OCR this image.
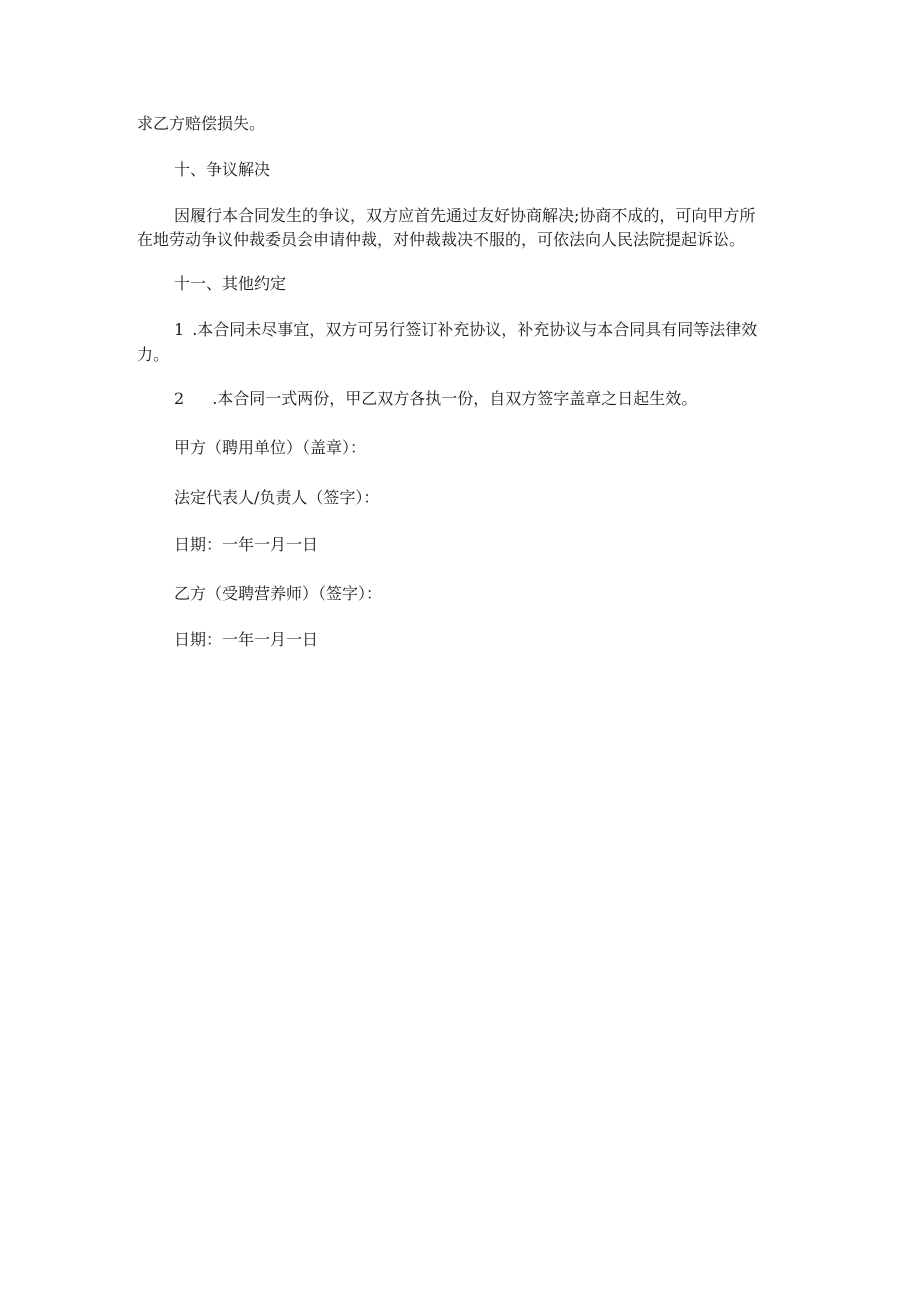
求乙方赔偿损失。
十、争议解决
因履行本合同发生的争议，双方应首先通过友好协商解决;协商不成的，可向甲方所
在地劳动争议仲裁委员会申请仲裁，对仲裁裁决不服的，可依法向人民法院提起诉讼。
十一、其他约定
1 .本合同未尽事宜，双方可另行签订补充协议，补充协议与本合同具有同等法律效
力。
2 .本合同一式两份，甲乙双方各执一份，自双方签字盖章之日起生效。
甲方（聘用单位）（盖章）：
法定代表人/负责人（签字）：
日期：一年一月一日
乙方（受聘营养师）（签字）：
日期：一年一月一日
